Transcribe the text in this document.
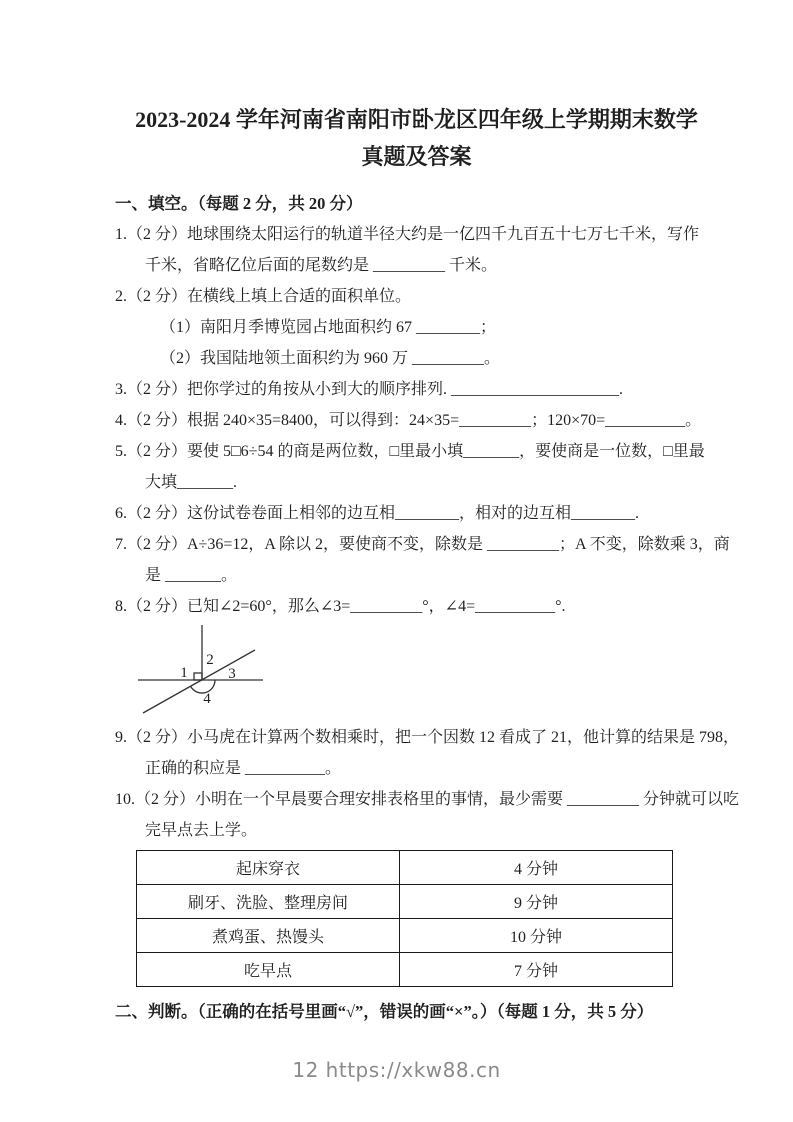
2023-2024 学年河南省南阳市卧龙区四年级上学期期末数学
真题及答案
一、填空。（每题 2 分，共 20 分）
1.（2 分）地球围绕太阳运行的轨道半径大约是一亿四千九百五十七万七千米，写作
千米，省略亿位后面的尾数约是 _________ 千米。
2.（2 分）在横线上填上合适的面积单位。
（1）南阳月季博览园占地面积约 67 ________；
（2）我国陆地领土面积约为 960 万 _________。
3.（2 分）把你学过的角按从小到大的顺序排列. _____________________.
4.（2 分）根据 240×35=8400，可以得到：24×35=_________；120×70=__________。
5.（2 分）要使 5□6÷54 的商是两位数，□里最小填_______，要使商是一位数，□里最
大填_______.
6.（2 分）这份试卷卷面上相邻的边互相________，相对的边互相________.
7.（2 分）A÷36=12，A 除以 2，要使商不变，除数是 _________；A 不变，除数乘 3，商
是 _______。
8.（2 分）已知∠2=60°，那么∠3=_________°，∠4=__________°.
1
2
3
4
9.（2 分）小马虎在计算两个数相乘时，把一个因数 12 看成了 21，他计算的结果是 798，
正确的积应是 __________。
10.（2 分）小明在一个早晨要合理安排表格里的事情，最少需要 _________ 分钟就可以吃
完早点去上学。
起床穿衣	4 分钟
刷牙、洗脸、整理房间	9 分钟
煮鸡蛋、热馒头	10 分钟
吃早点	7 分钟
二、判断。（正确的在括号里画“√”，错误的画“×”。）（每题 1 分，共 5 分）
12 https://xkw88.cn
